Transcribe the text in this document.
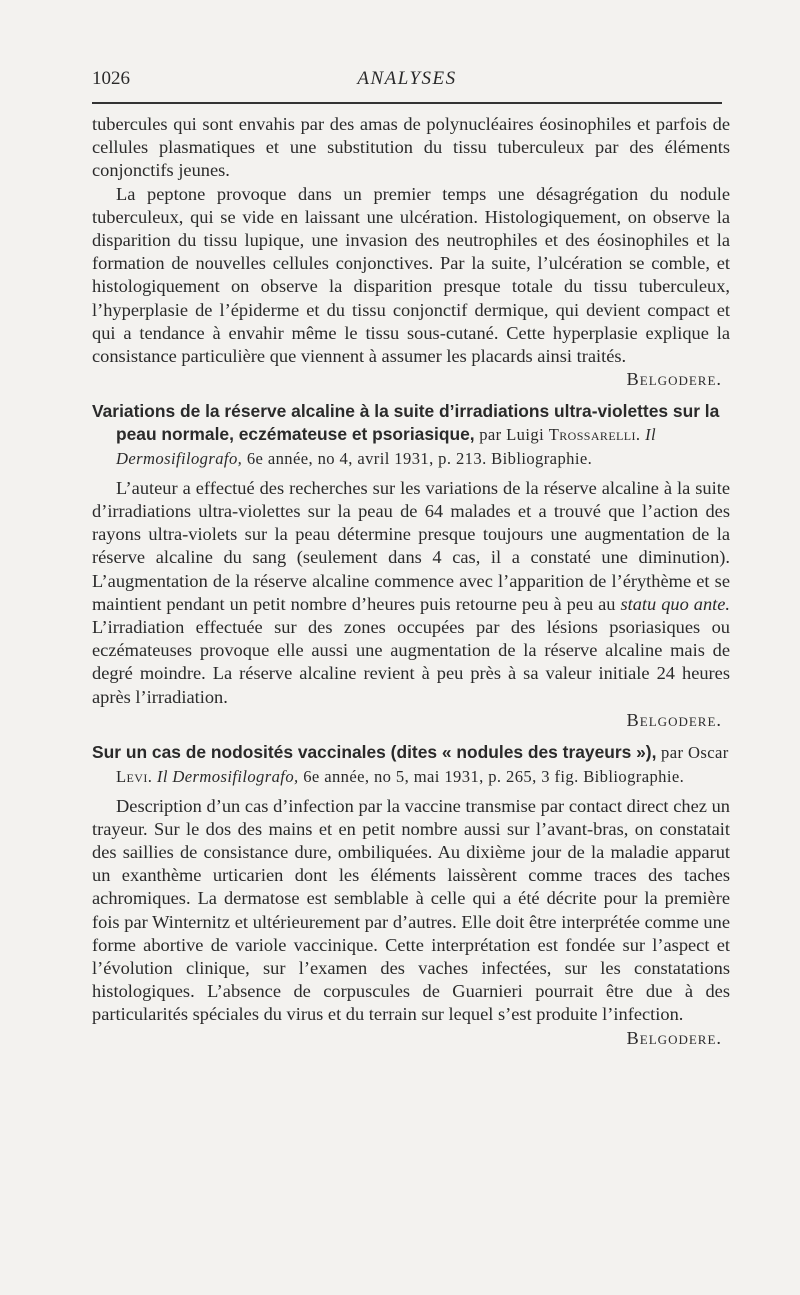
1026	ANALYSES

tubercules qui sont envahis par des amas de polynucléaires éosinophiles et parfois de cellules plasmatiques et une substitution du tissu tuberculeux par des éléments conjonctifs jeunes.

La peptone provoque dans un premier temps une désagrégation du nodule tuberculeux, qui se vide en laissant une ulcération. Histologiquement, on observe la disparition du tissu lupique, une invasion des neutrophiles et des éosinophiles et la formation de nouvelles cellules conjonctives. Par la suite, l’ulcération se comble, et histologiquement on observe la disparition presque totale du tissu tuberculeux, l’hyperplasie de l’épiderme et du tissu conjonctif dermique, qui devient compact et qui a tendance à envahir même le tissu sous-cutané. Cette hyperplasie explique la consistance particulière que viennent à assumer les placards ainsi traités.

Belgodere.

Variations de la réserve alcaline à la suite d’irradiations ultra-violettes sur la peau normale, eczémateuse et psoriasique, par Luigi Trossarelli. Il Dermosifilografo, 6e année, no 4, avril 1931, p. 213. Bibliographie.

L’auteur a effectué des recherches sur les variations de la réserve alcaline à la suite d’irradiations ultra-violettes sur la peau de 64 malades et a trouvé que l’action des rayons ultra-violets sur la peau détermine presque toujours une augmentation de la réserve alcaline du sang (seulement dans 4 cas, il a constaté une diminution). L’augmentation de la réserve alcaline commence avec l’apparition de l’érythème et se maintient pendant un petit nombre d’heures puis retourne peu à peu au statu quo ante. L’irradiation effectuée sur des zones occupées par des lésions psoriasiques ou eczémateuses provoque elle aussi une augmentation de la réserve alcaline mais de degré moindre. La réserve alcaline revient à peu près à sa valeur initiale 24 heures après l’irradiation.

Belgodere.

Sur un cas de nodosités vaccinales (dites « nodules des trayeurs »), par Oscar Levi. Il Dermosifilografo, 6e année, no 5, mai 1931, p. 265, 3 fig. Bibliographie.

Description d’un cas d’infection par la vaccine transmise par contact direct chez un trayeur. Sur le dos des mains et en petit nombre aussi sur l’avant-bras, on constatait des saillies de consistance dure, ombiliquées. Au dixième jour de la maladie apparut un exanthème urticarien dont les éléments laissèrent comme traces des taches achromiques. La dermatose est semblable à celle qui a été décrite pour la première fois par Winternitz et ultérieurement par d’autres. Elle doit être interprétée comme une forme abortive de variole vaccinique. Cette interprétation est fondée sur l’aspect et l’évolution clinique, sur l’examen des vaches infectées, sur les constatations histologiques. L’absence de corpuscules de Guarnieri pourrait être due à des particularités spéciales du virus et du terrain sur lequel s’est produite l’infection.

Belgodere.
